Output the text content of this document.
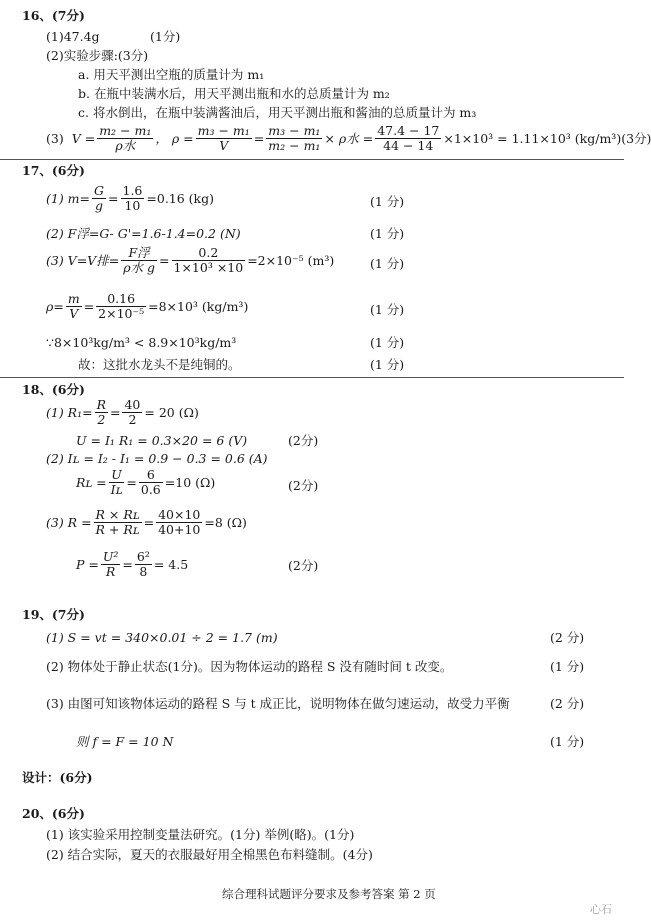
16、(7分)
(1)47.4g	(1分)
(2)实验步骤:(3分)
a. 用天平测出空瓶的质量计为 m₁
b. 在瓶中装满水后，用天平测出瓶和水的总质量计为 m₂
c. 将水倒出，在瓶中装满酱油后，用天平测出瓶和酱油的总质量计为 m₃
(3) $V = \frac{\text{m₂ − m₁}}{\text{ρ水}}$ ， $\rho = \frac{\text{m₃ − m₁}}{V} = \frac{\text{m₃ − m₁}}{\text{m₂ − m₁}} \times \rho$水 = $\frac{47.4 - 17}{44 - 14} \times 1\times 10^3 = 1.11\times 10^3$ (kg/m³)(3分)
17、(6分)
(1) $m= \frac{G}{g} = \frac{1.6}{10} =0.16$ (kg)	(1 分)
(2) F浮=G- G'=1.6-1.4=0.2 (N)	(1 分)
(3) V=V排= $\frac{\text{F浮}}{\text{ρ水 g}} = \frac{0.2}{\text{1×10³ ×10}} =2\times 10^{-5}$ (m³)	(1 分)
$\rho= \frac{m}{V} = \frac{0.16}{\text{2×10⁻⁵}} =8\times 10^3$ (kg/m³)	(1 分)
∵8×10³kg/m³ < 8.9×10³kg/m³	(1 分)
故：这批水龙头不是纯铜的。	(1 分)
18、(6分)
(1) $R_1= \frac{R}{2} = \frac{40}{2} = 20$ (Ω)
U = I₁ R₁ = 0.3×20 = 6 (V)	(2分)
(2) Iʟ = I₂ - I₁ = 0.9 − 0.3 = 0.6 (A)
Rʟ = $\frac{U}{\text{Iʟ}} = \frac{6}{0.6} =10$ (Ω)	(2分)
(3) $R = \frac{\text{R × Rʟ}}{\text{R + Rʟ}} = \frac{40\times 10}{40+10} =8$ (Ω)
$P = \frac{\text{U²}}{R} = \frac{\text{6²}}{8} = 4.5$	(2分)
19、(7分)
(1) S = vt = 340×0.01 ÷ 2 = 1.7 (m)	(2 分)
(2) 物体处于静止状态(1分)。因为物体运动的路程 S 没有随时间 t 改变。	(1 分)
(3) 由图可知该物体运动的路程 S 与 t 成正比，说明物体在做匀速运动，故受力平衡	(2 分)
则 f = F = 10 N	(1 分)
设计：(6分)
20、(6分)
(1) 该实验采用控制变量法研究。(1分) 举例(略)。(1分)
(2) 结合实际，夏天的衣服最好用全棉黑色布料缝制。(4分)
综合理科试题评分要求及参考答案 第 2 页
心石
